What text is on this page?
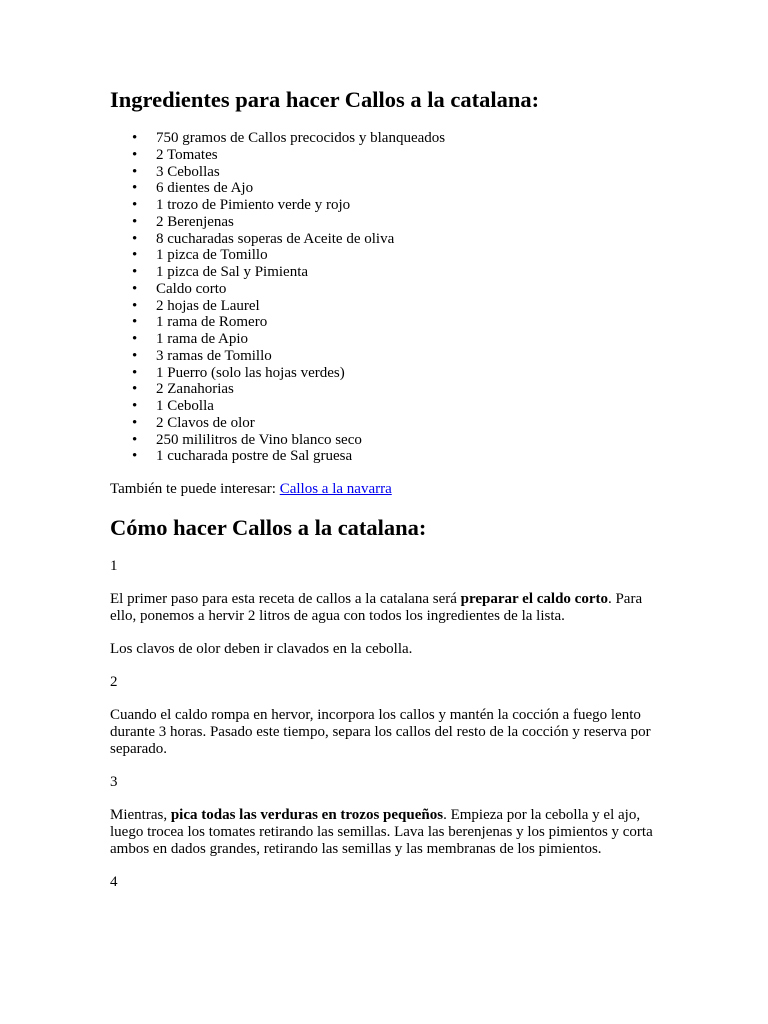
Ingredientes para hacer Callos a la catalana:
• 750 gramos de Callos precocidos y blanqueados
• 2 Tomates
• 3 Cebollas
• 6 dientes de Ajo
• 1 trozo de Pimiento verde y rojo
• 2 Berenjenas
• 8 cucharadas soperas de Aceite de oliva
• 1 pizca de Tomillo
• 1 pizca de Sal y Pimienta
• Caldo corto
• 2 hojas de Laurel
• 1 rama de Romero
• 1 rama de Apio
• 3 ramas de Tomillo
• 1 Puerro (solo las hojas verdes)
• 2 Zanahorias
• 1 Cebolla
• 2 Clavos de olor
• 250 mililitros de Vino blanco seco
• 1 cucharada postre de Sal gruesa

También te puede interesar: Callos a la navarra

Cómo hacer Callos a la catalana:

1

El primer paso para esta receta de callos a la catalana será preparar el caldo corto. Para ello, ponemos a hervir 2 litros de agua con todos los ingredientes de la lista.

Los clavos de olor deben ir clavados en la cebolla.

2

Cuando el caldo rompa en hervor, incorpora los callos y mantén la cocción a fuego lento durante 3 horas. Pasado este tiempo, separa los callos del resto de la cocción y reserva por separado.

3

Mientras, pica todas las verduras en trozos pequeños. Empieza por la cebolla y el ajo, luego trocea los tomates retirando las semillas. Lava las berenjenas y los pimientos y corta ambos en dados grandes, retirando las semillas y las membranas de los pimientos.

4
